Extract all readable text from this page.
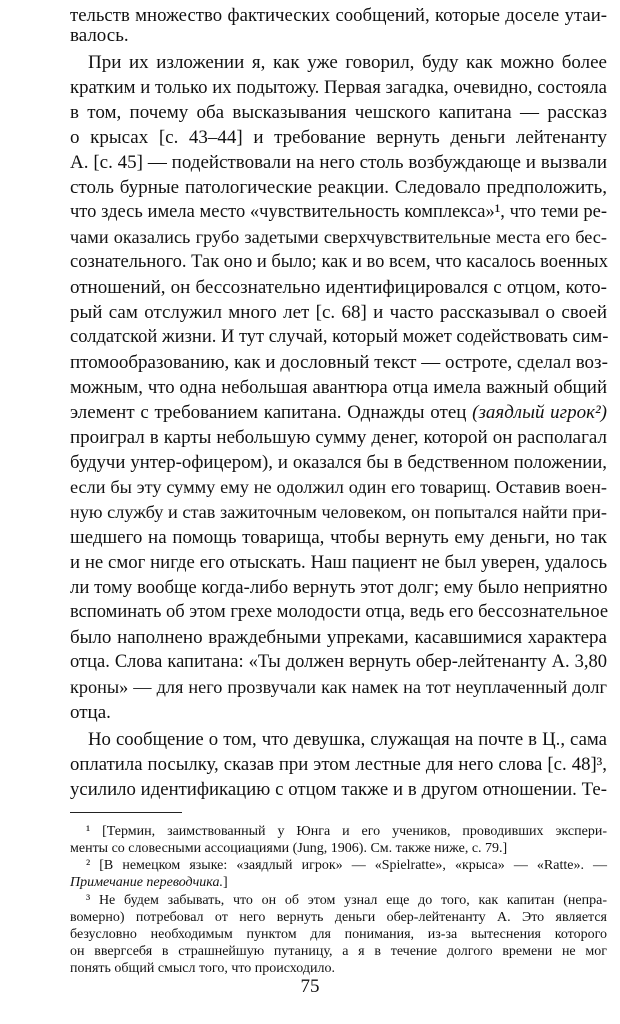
тельств множество фактических сообщений, которые доселе утаи-
валось.
При их изложении я, как уже говорил, буду как можно более
кратким и только их подытожу. Первая загадка, очевидно, состояла
в том, почему оба высказывания чешского капитана — рассказ
о крысах [с. 43–44] и требование вернуть деньги лейтенанту
А. [с. 45] — подействовали на него столь возбуждающе и вызвали
столь бурные патологические реакции. Следовало предположить,
что здесь имела место «чувствительность комплекса»¹, что теми ре-
чами оказались грубо задетыми сверхчувствительные места его бес-
сознательного. Так оно и было; как и во всем, что касалось военных
отношений, он бессознательно идентифицировался с отцом, кото-
рый сам отслужил много лет [с. 68] и часто рассказывал о своей
солдатской жизни. И тут случай, который может содействовать сим-
птомообразованию, как и дословный текст — остроте, сделал воз-
можным, что одна небольшая авантюра отца имела важный общий
элемент с требованием капитана. Однажды отец (заядлый игрок²)
проиграл в карты небольшую сумму денег, которой он располагал
будучи унтер-офицером), и оказался бы в бедственном положении,
если бы эту сумму ему не одолжил один его товарищ. Оставив воен-
ную службу и став зажиточным человеком, он попытался найти при-
шедшего на помощь товарища, чтобы вернуть ему деньги, но так
и не смог нигде его отыскать. Наш пациент не был уверен, удалось
ли тому вообще когда-либо вернуть этот долг; ему было неприятно
вспоминать об этом грехе молодости отца, ведь его бессознательное
было наполнено враждебными упреками, касавшимися характера
отца. Слова капитана: «Ты должен вернуть обер-лейтенанту А. 3,80
кроны» — для него прозвучали как намек на тот неуплаченный долг
отца.
Но сообщение о том, что девушка, служащая на почте в Ц., сама
оплатила посылку, сказав при этом лестные для него слова [с. 48]³,
усилило идентификацию с отцом также и в другом отношении. Те-
¹ [Термин, заимствованный у Юнга и его учеников, проводивших экспери-
менты со словесными ассоциациями (Jung, 1906). См. также ниже, с. 79.]
² [В немецком языке: «заядлый игрок» — «Spielratte», «крыса» — «Ratte». —
Примечание переводчика.]
³ Не будем забывать, что он об этом узнал еще до того, как капитан (непра-
вомерно) потребовал от него вернуть деньги обер-лейтенанту А. Это является
безусловно необходимым пунктом для понимания, из-за вытеснения которого
он ввергсебя в страшнейшую путаницу, а я в течение долгого времени не мог
понять общий смысл того, что происходило.
75
